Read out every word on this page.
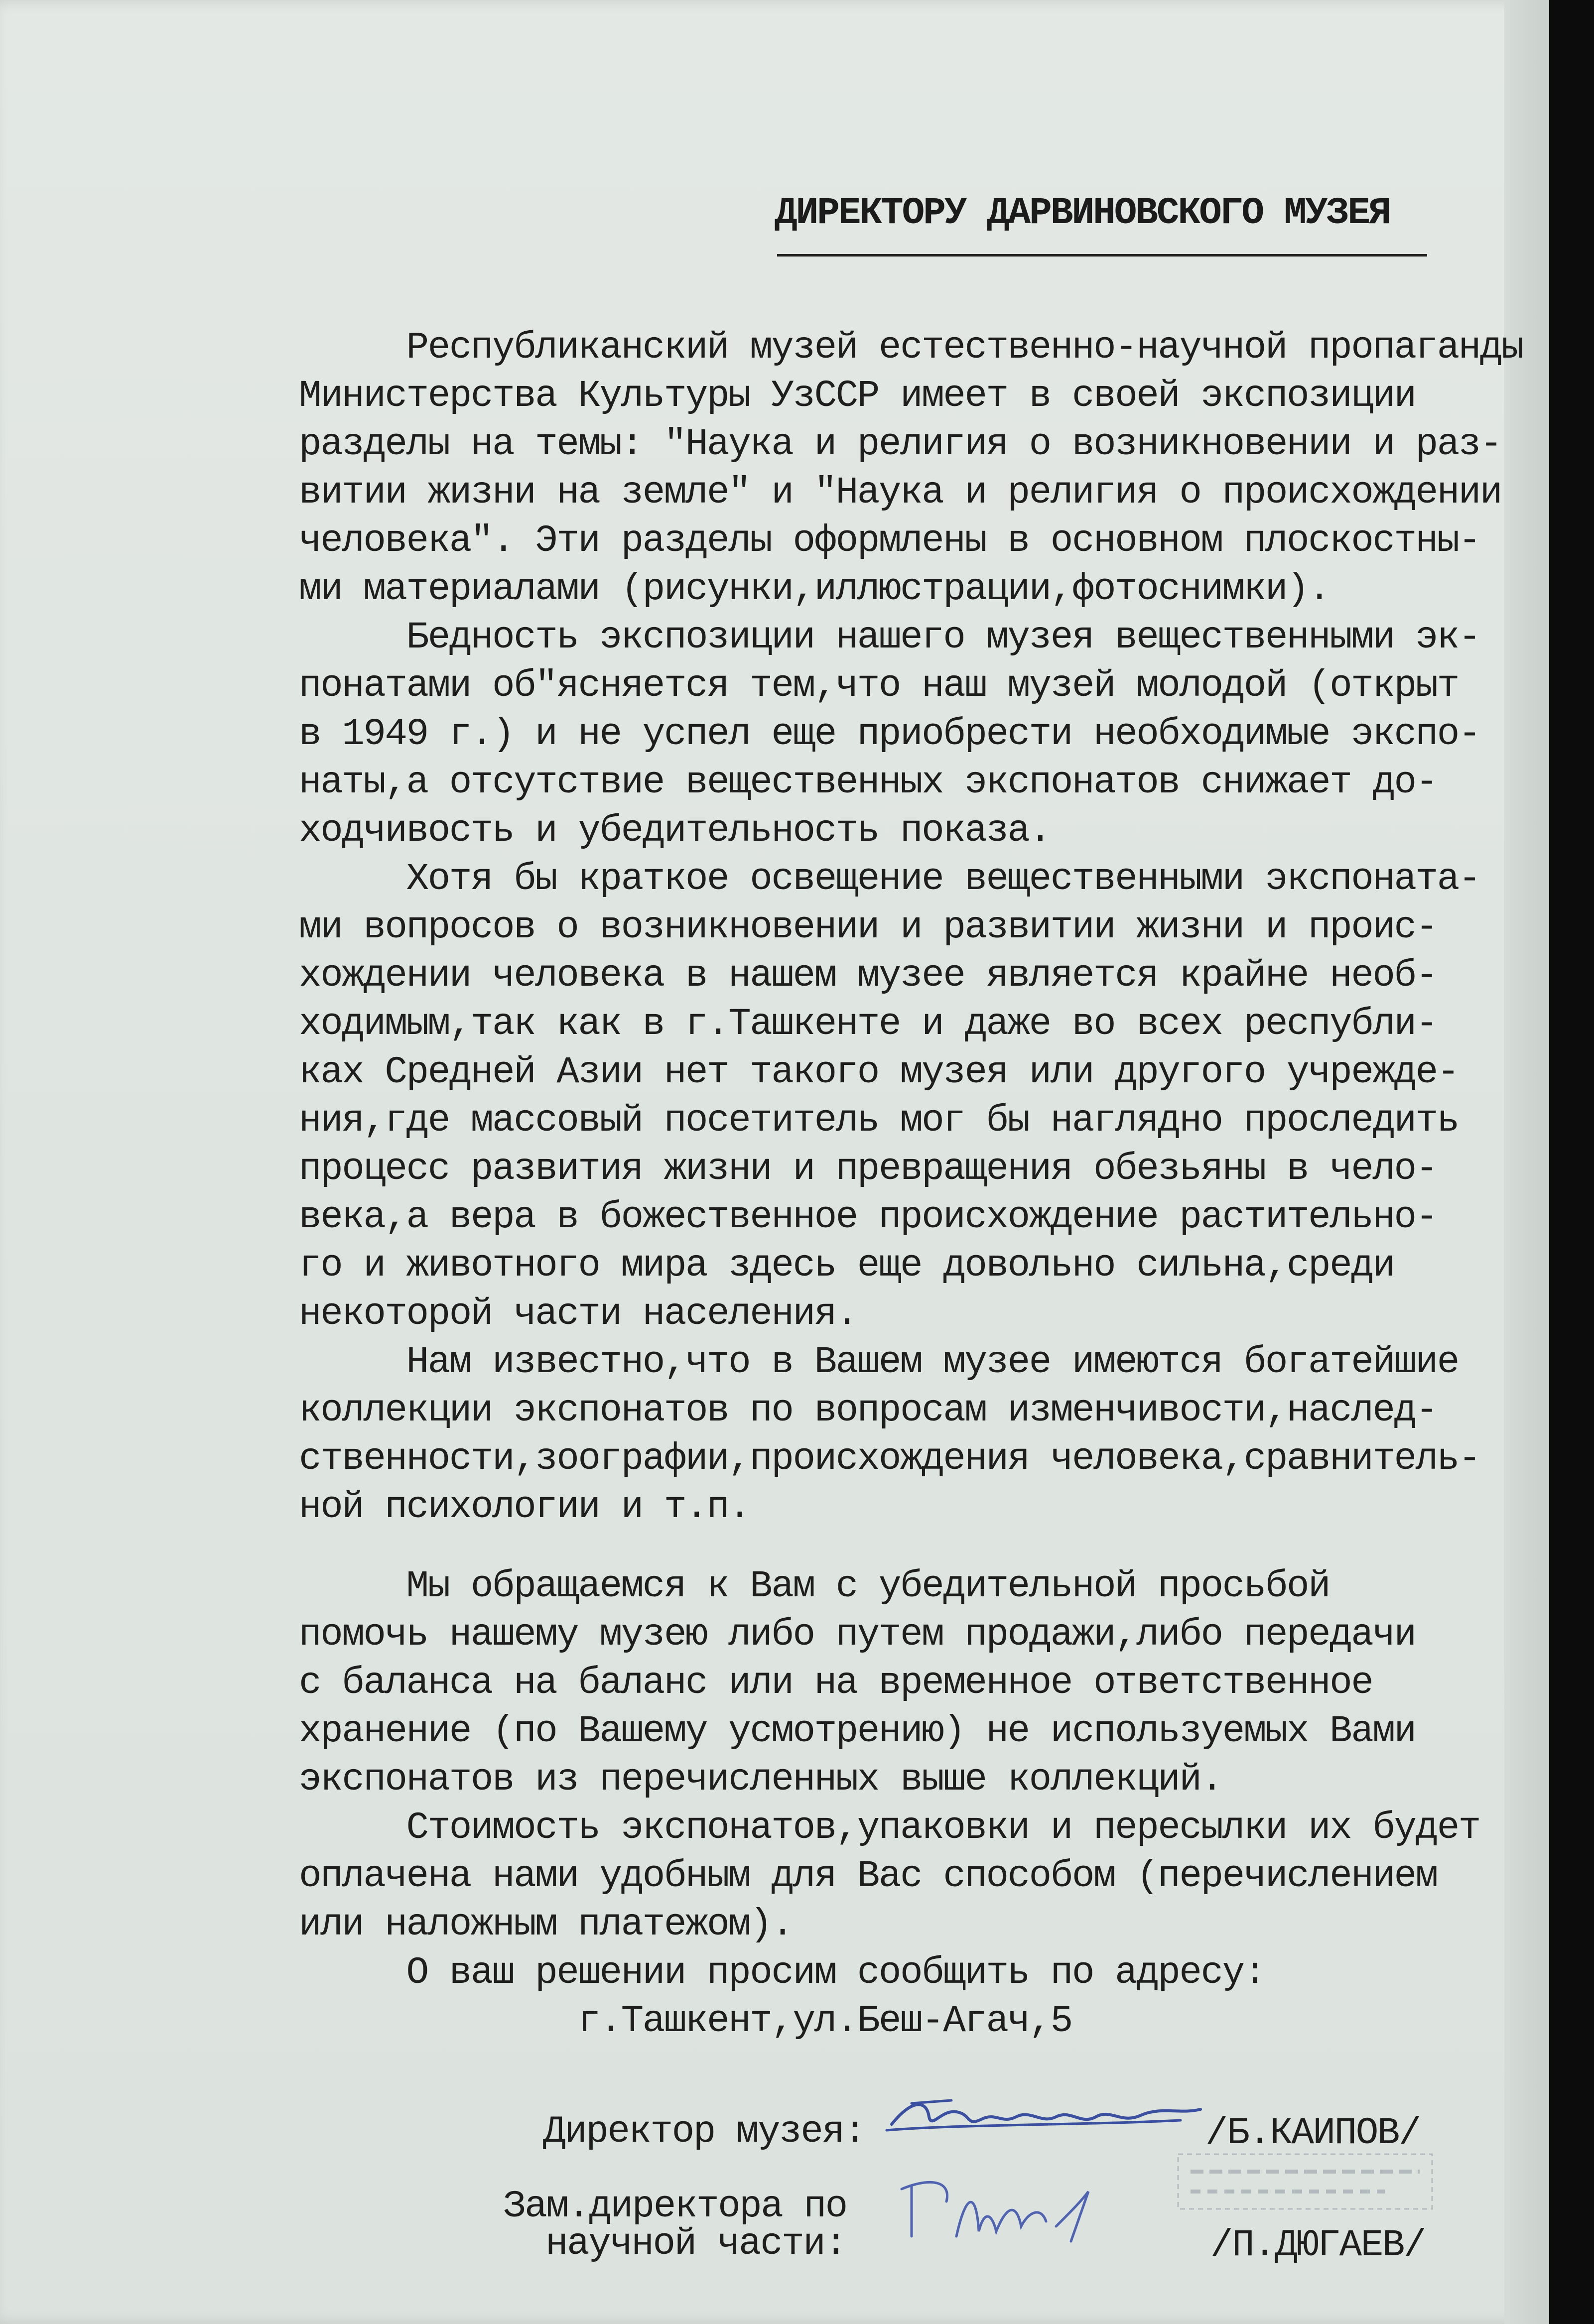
ДИРЕКТОРУ ДАРВИНОВСКОГО МУЗЕЯ
Республиканский музей естественно-научной пропаганды
Министерства Культуры УзССР имеет в своей экспозиции
разделы на темы: "Наука и религия о возникновении и раз-
витии жизни на земле" и "Наука и религия о происхождении
человека". Эти разделы оформлены в основном плоскостны-
ми материалами (рисунки,иллюстрации,фотоснимки).
Бедность экспозиции нашего музея вещественными эк-
понатами об"ясняется тем,что наш музей молодой (открыт
в 1949 г.) и не успел еще приобрести необходимые экспо-
наты,а отсутствие вещественных экспонатов снижает до-
ходчивость и убедительность показа.
Хотя бы краткое освещение вещественными экспоната-
ми вопросов о возникновении и развитии жизни и проис-
хождении человека в нашем музее является крайне необ-
ходимым,так как в г.Ташкенте и даже во всех республи-
ках Средней Азии нет такого музея или другого учрежде-
ния,где массовый посетитель мог бы наглядно проследить
процесс развития жизни и превращения обезьяны в чело-
века,а вера в божественное происхождение растительно-
го и животного мира здесь еще довольно сильна,среди
некоторой части населения.
Нам известно,что в Вашем музее имеются богатейшие
коллекции экспонатов по вопросам изменчивости,наслед-
ственности,зоографии,происхождения человека,сравнитель-
ной психологии и т.п.
Мы обращаемся к Вам с убедительной просьбой
помочь нашему музею либо путем продажи,либо передачи
с баланса на баланс или на временное ответственное
хранение (по Вашему усмотрению) не используемых Вами
экспонатов из перечисленных выше коллекций.
Стоимость экспонатов,упаковки и пересылки их будет
оплачена нами удобным для Вас способом (перечислением
или наложным платежом).
О ваш решении просим сообщить по адресу:
г.Ташкент,ул.Беш-Агач,5
Директор музея:	/Б.КАИПОВ/
Зам.директора по
научной части:	/П.ДЮГАЕВ/
